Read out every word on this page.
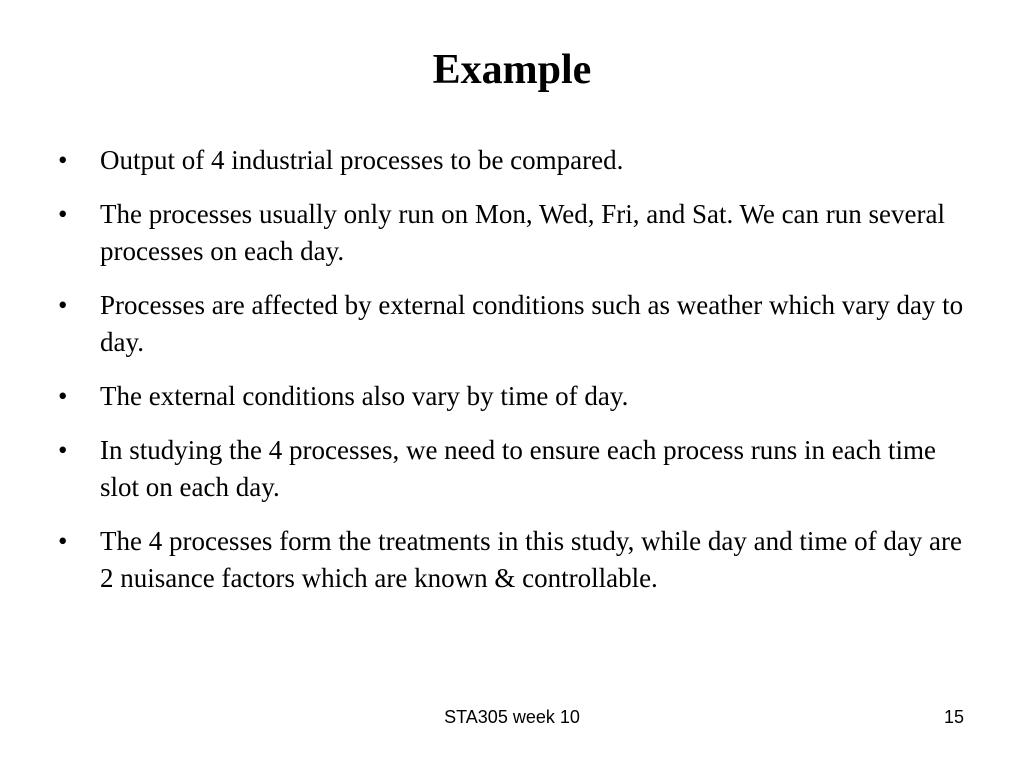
Example
•	Output of 4 industrial processes to be compared.
•	The processes usually only run on Mon, Wed, Fri, and Sat. We can run several processes on each day.
•	Processes are affected by external conditions such as weather which vary day to day.
•	The external conditions also vary by time of day.
•	In studying the 4 processes, we need to ensure each process runs in each time slot on each day.
•	The 4 processes form the treatments in this study, while day and time of day are 2 nuisance factors which are known & controllable.
STA305 week 10	15
